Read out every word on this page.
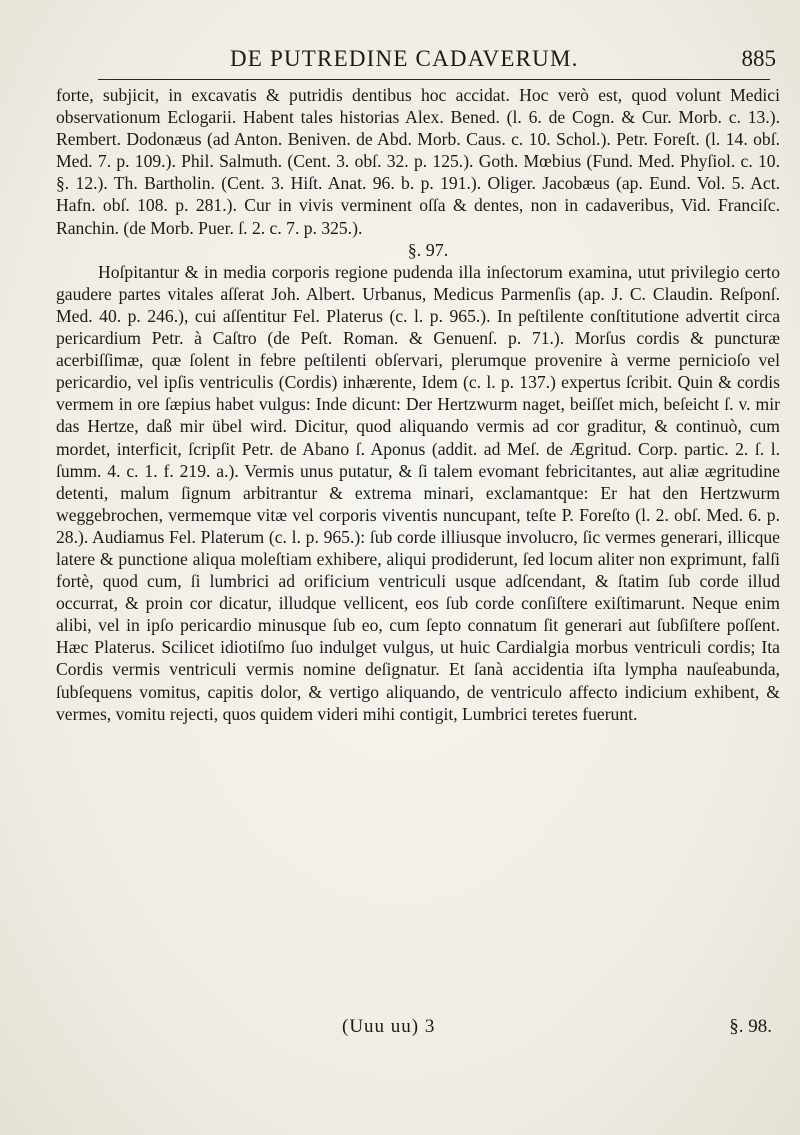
DE PUTREDINE CADAVERUM.	885

forte, subjicit, in excavatis & putridis dentibus hoc accidat. Hoc verò est, quod volunt Medici observationum Eclogarii. Habent tales historias Alex. Bened. (l. 6. de Cogn. & Cur. Morb. c. 13.). Rembert. Dodonæus (ad Anton. Beniven. de Abd. Morb. Caus. c. 10. Schol.). Petr. Foreſt. (l. 14. obſ. Med. 7. p. 109.). Phil. Salmuth. (Cent. 3. obſ. 32. p. 125.). Goth. Mœbius (Fund. Med. Phyſiol. c. 10. §. 12.). Th. Bartholin. (Cent. 3. Hiſt. Anat. 96. b. p. 191.). Oliger. Jacobæus (ap. Eund. Vol. 5. Act. Hafn. obſ. 108. p. 281.). Cur in vivis verminent oſſa & dentes, non in cadaveribus, Vid. Franciſc. Ranchin. (de Morb. Puer. ſ. 2. c. 7. p. 325.).

§. 97.

Hoſpitantur & in media corporis regione pudenda illa inſectorum examina, utut privilegio certo gaudere partes vitales aſſerat Joh. Albert. Urbanus, Medicus Parmenſis (ap. J. C. Claudin. Reſponſ. Med. 40. p. 246.), cui aſſentitur Fel. Platerus (c. l. p. 965.). In peſtilente conſtitutione advertit circa pericardium Petr. à Caſtro (de Peſt. Roman. & Genuenſ. p. 71.). Morſus cordis & puncturæ acerbiſſimæ, quæ ſolent in febre peſtilenti obſervari, plerumque provenire à verme pernicioſo vel pericardio, vel ipſis ventriculis (Cordis) inhærente, Idem (c. l. p. 137.) expertus ſcribit. Quin & cordis vermem in ore ſæpius habet vulgus: Inde dicunt: Der Hertzwurm naget, beiſſet mich, beſeicht ſ. v. mir das Hertze, daß mir übel wird. Dicitur, quod aliquando vermis ad cor graditur, & continuò, cum mordet, interficit, ſcripſit Petr. de Abano ſ. Aponus (addit. ad Meſ. de Ægritud. Corp. partic. 2. ſ. l. ſumm. 4. c. 1. f. 219. a.). Vermis unus putatur, & ſi talem evomant febricitantes, aut aliæ ægritudine detenti, malum ſignum arbitrantur & extrema minari, exclamantque: Er hat den Hertzwurm weggebrochen, vermemque vitæ vel corporis viventis nuncupant, teſte P. Foreſto (l. 2. obſ. Med. 6. p. 28.). Audiamus Fel. Platerum (c. l. p. 965.): ſub corde illiusque involucro, ſic vermes generari, illicque latere & punctione aliqua moleſtiam exhibere, aliqui prodiderunt, ſed locum aliter non exprimunt, falſi fortè, quod cum, ſi lumbrici ad orificium ventriculi usque adſcendant, & ſtatim ſub corde illud occurrat, & proin cor dicatur, illudque vellicent, eos ſub corde conſiſtere exiſtimarunt. Neque enim alibi, vel in ipſo pericardio minusque ſub eo, cum ſepto connatum ſit generari aut ſubſiſtere poſſent. Hæc Platerus. Scilicet idiotiſmo ſuo indulget vulgus, ut huic Cardialgia morbus ventriculi cordis; Ita Cordis vermis ventriculi vermis nomine deſignatur. Et ſanà accidentia iſta lympha nauſeabunda, ſubſequens vomitus, capitis dolor, & vertigo aliquando, de ventriculo affecto indicium exhibent, & vermes, vomitu rejecti, quos quidem videri mihi contigit, Lumbrici teretes fuerunt.

(Uuu uu) 3	§. 98.
